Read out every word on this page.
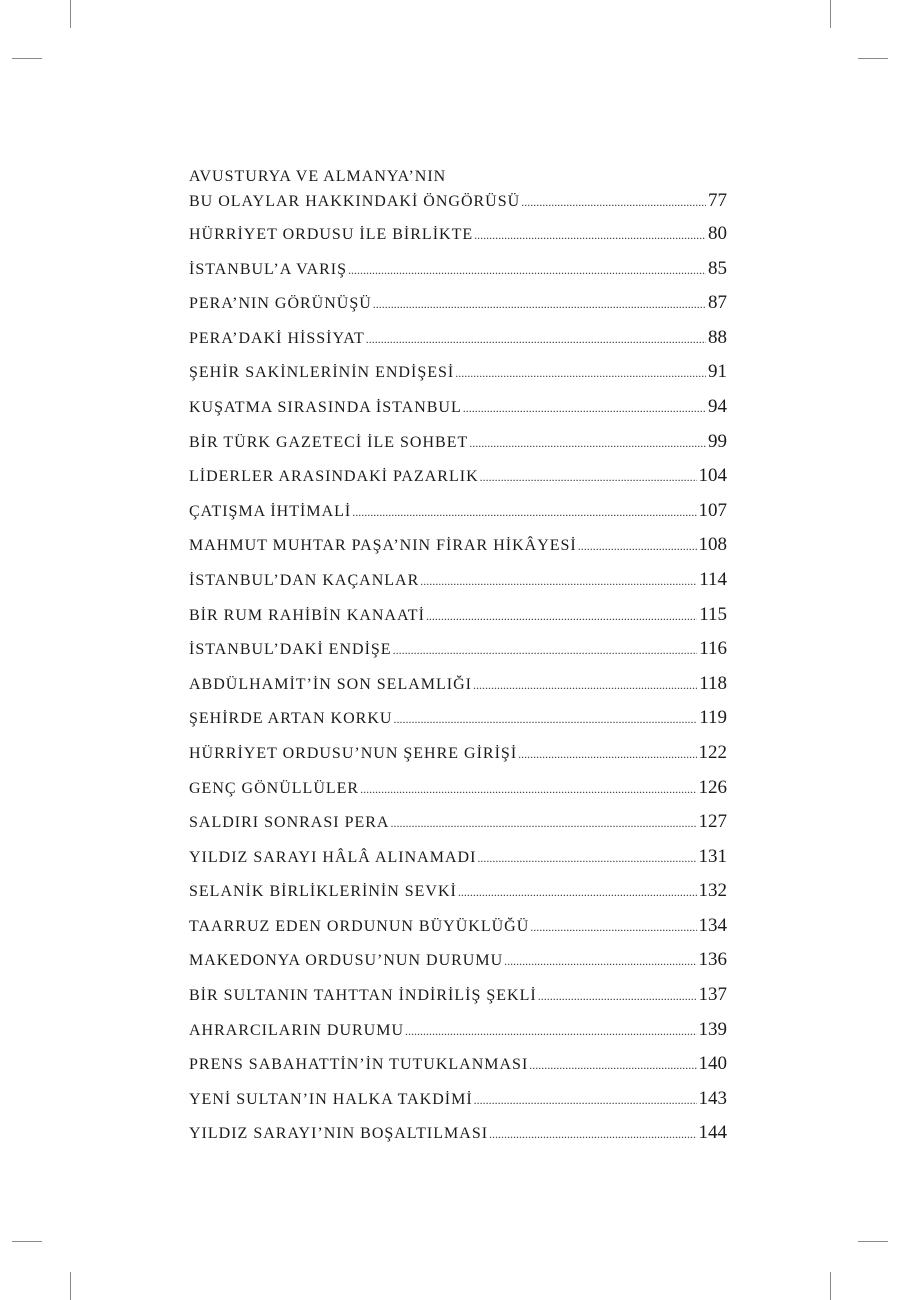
AVUSTURYA VE ALMANYA’NIN
BU OLAYLAR HAKKINDAKİ ÖNGÖRÜSÜ .....	77
HÜRRİYET ORDUSU İLE BİRLİKTE .....	80
İSTANBUL’A VARIŞ .....	85
PERA’NIN GÖRÜNÜŞÜ .....	87
PERA’DAKİ HİSSİYAT .....	88
ŞEHİR SAKİNLERİNİN ENDİŞESİ .....	91
KUŞATMA SIRASINDA İSTANBUL .....	94
BİR TÜRK GAZETECİ İLE SOHBET .....	99
LİDERLER ARASINDAKİ PAZARLIK .....	104
ÇATIŞMA İHTİMALİ .....	107
MAHMUT MUHTAR PAŞA’NIN FİRAR HİKÂYESİ .....	108
İSTANBUL’DAN KAÇANLAR .....	114
BİR RUM RAHİBİN KANAATİ .....	115
İSTANBUL’DAKİ ENDİŞE .....	116
ABDÜLHAMİT’İN SON SELAMLIĞI .....	118
ŞEHİRDE ARTAN KORKU .....	119
HÜRRİYET ORDUSU’NUN ŞEHRE GİRİŞİ .....	122
GENÇ GÖNÜLLÜLER .....	126
SALDIRI SONRASI PERA .....	127
YILDIZ SARAYI HÂLÂ ALINAMADI .....	131
SELANİK BİRLİKLERİNİN SEVKİ .....	132
TAARRUZ EDEN ORDUNUN BÜYÜKLÜĞÜ .....	134
MAKEDONYA ORDUSU’NUN DURUMU .....	136
BİR SULTANIN TAHTTAN İNDİRİLİŞ ŞEKLİ .....	137
AHRARCILARIN DURUMU .....	139
PRENS SABAHATTİN’İN TUTUKLANMASI .....	140
YENİ SULTAN’IN HALKA TAKDİMİ .....	143
YILDIZ SARAYI’NIN BOŞALTILMASI .....	144
